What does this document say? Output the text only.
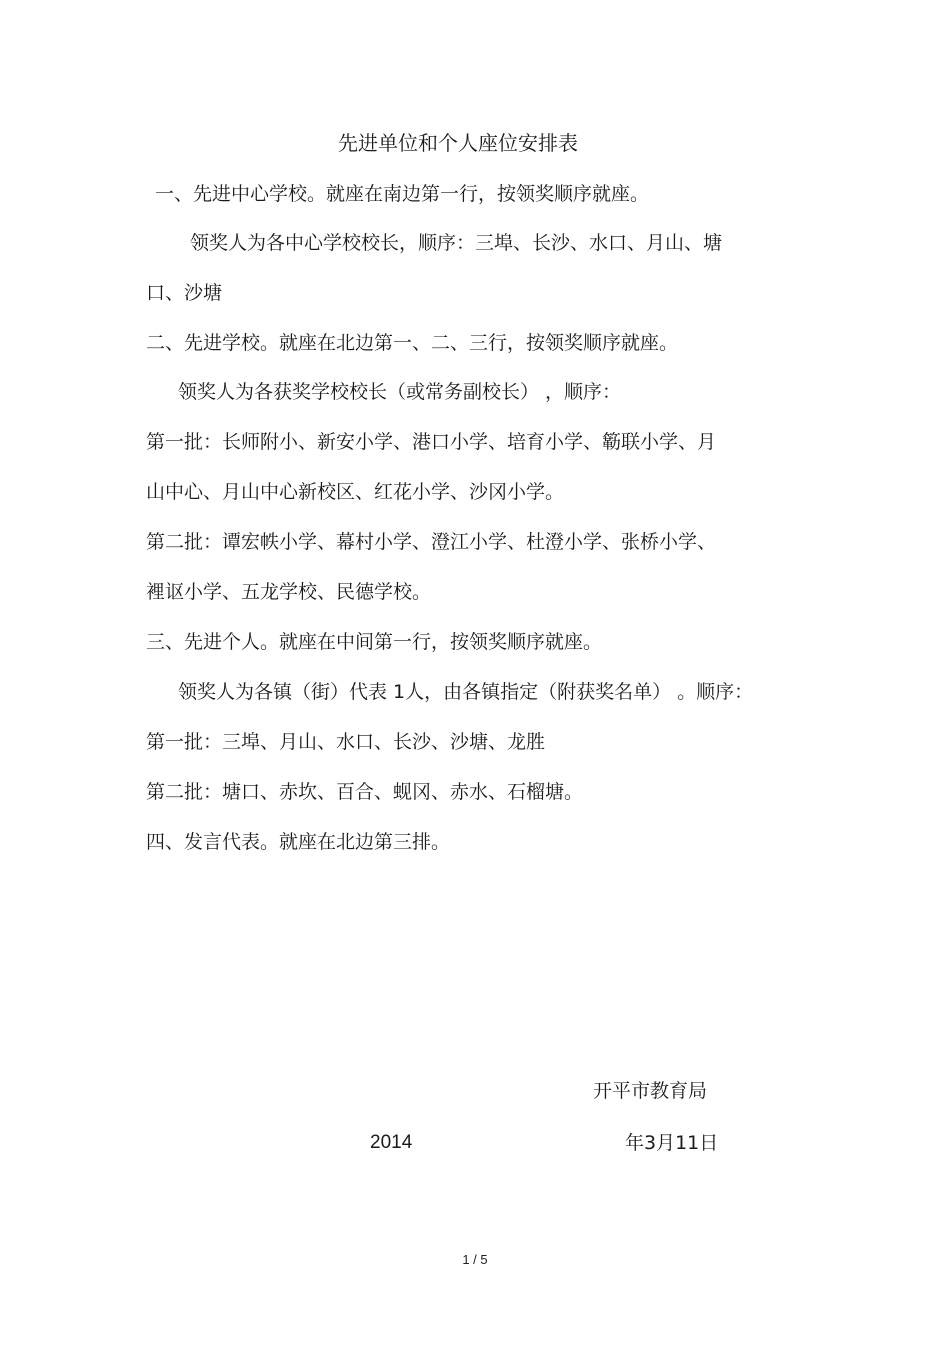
先进单位和个人座位安排表
一、先进中心学校。就座在南边第一行，按领奖顺序就座。
领奖人为各中心学校校长，顺序：三埠、长沙、水口、月山、塘
口、沙塘
二、先进学校。就座在北边第一、二、三行，按领奖顺序就座。
领奖人为各获奖学校校长（或常务副校长） ，顺序：
第一批：长师附小、新安小学、港口小学、培育小学、簕联小学、月
山中心、月山中心新校区、红花小学、沙冈小学。
第二批：谭宏帙小学、幕村小学、澄江小学、杜澄小学、张桥小学、
裡讴小学、五龙学校、民德学校。
三、先进个人。就座在中间第一行，按领奖顺序就座。
领奖人为各镇（街）代表 1人，由各镇指定（附获奖名单） 。顺序：
第一批：三埠、月山、水口、长沙、沙塘、龙胜
第二批：塘口、赤坎、百合、蚬冈、赤水、石榴塘。
四、发言代表。就座在北边第三排。
开平市教育局
2014	年3月11日
1 / 5
